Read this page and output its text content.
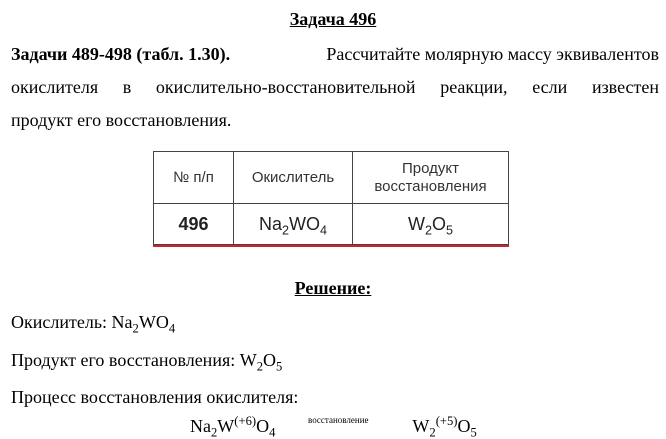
Задача 496
Задачи 489-498 (табл. 1.30).	Рассчитайте молярную массу эквивалентов
окислителя в окислительно-восстановительной реакции, если известен
продукт его восстановления.
№ п/п	Окислитель	Продукт
восстановления
496	$Na_2WO_4$	$W_2O_5$
Решение:
Окислитель: $Na_2WO_4$
Продукт его восстановления: $W_2O_5$
Процесс восстановления окислителя:
$Na_2W^{(+6)}O_4$
восстановление $W_2^{(+5)}O_5$
